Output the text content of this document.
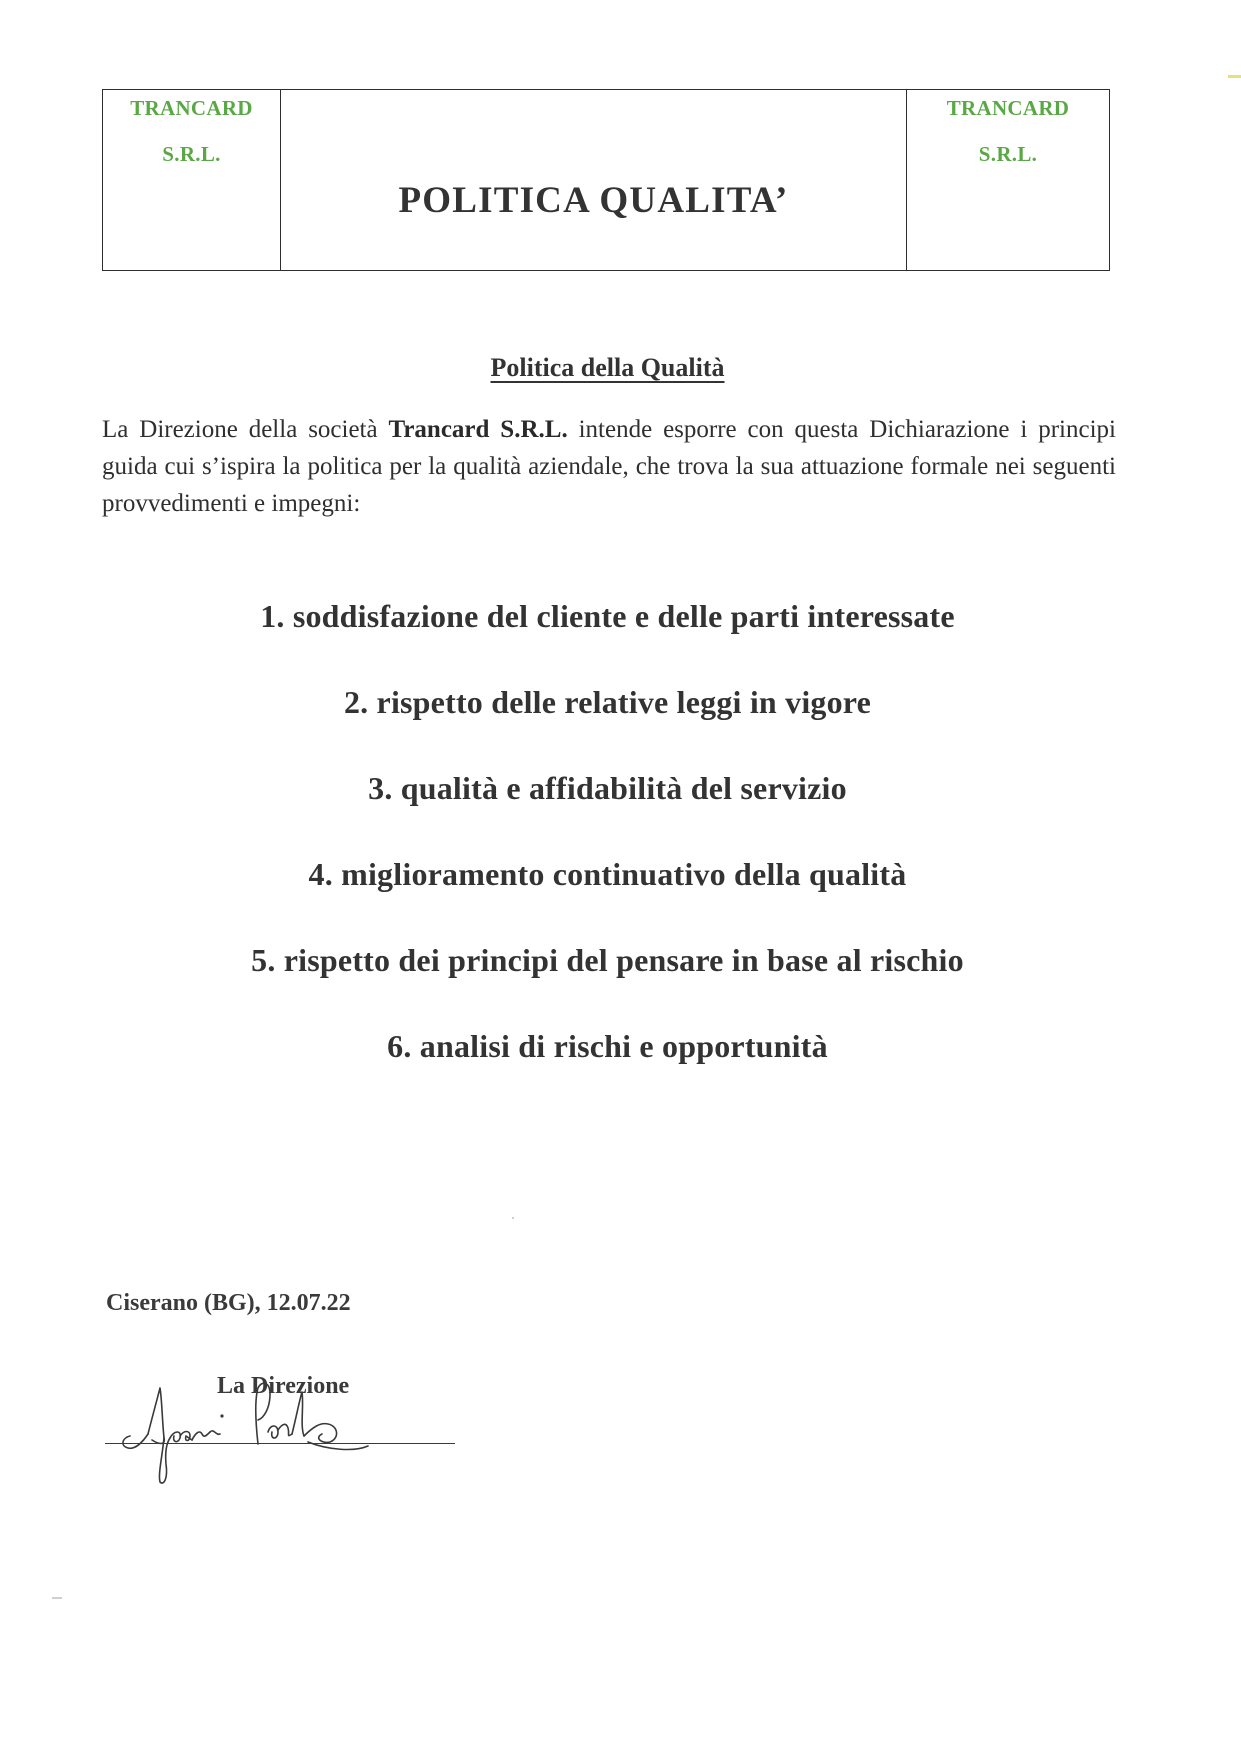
TRANCARD
S.R.L.
POLITICA QUALITA’
TRANCARD
S.R.L.
Politica della Qualità
La Direzione della società Trancard S.R.L. intende esporre con questa Dichiarazione i principi guida cui s’ispira la politica per la qualità aziendale, che trova la sua attuazione formale nei seguenti provvedimenti e impegni:
1. soddisfazione del cliente e delle parti interessate
2. rispetto delle relative leggi in vigore
3. qualità e affidabilità del servizio
4. miglioramento continuativo della qualità
5. rispetto dei principi del pensare in base al rischio
6. analisi di rischi e opportunità
Ciserano (BG), 12.07.22
La Direzione
